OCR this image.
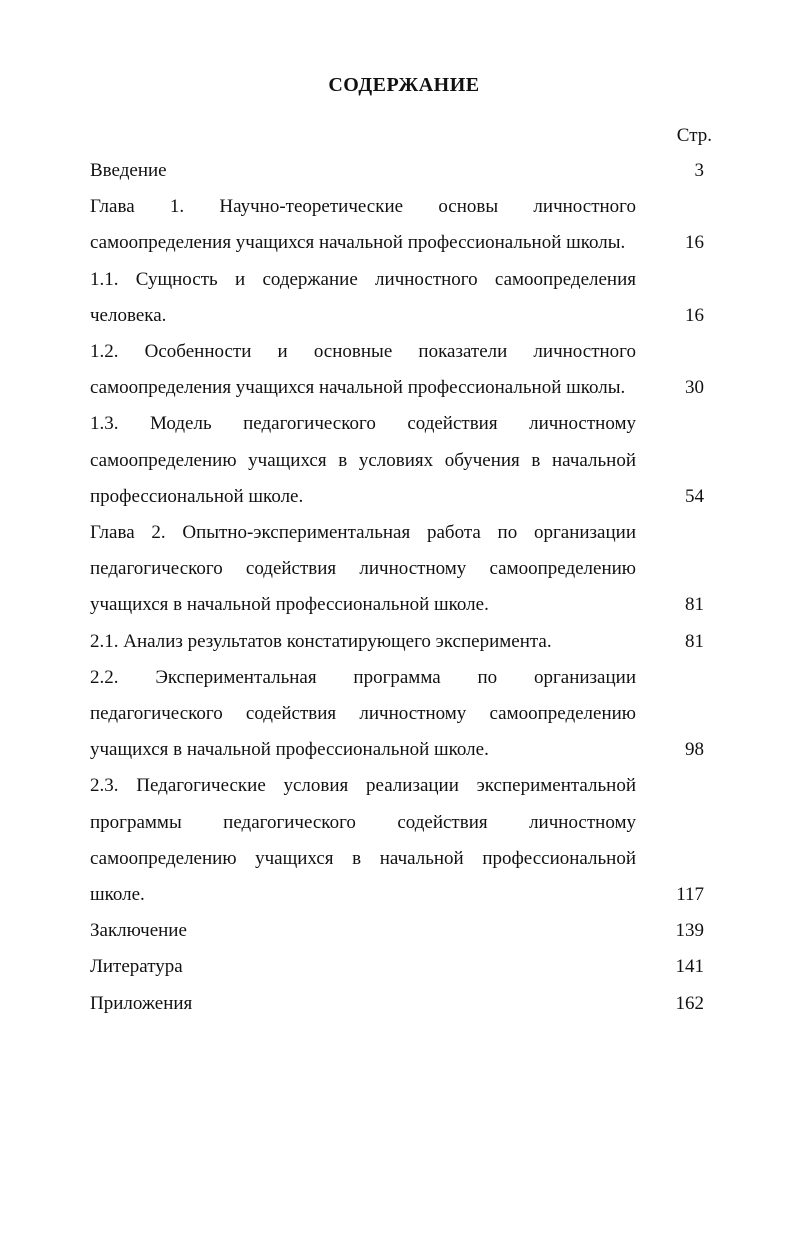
СОДЕРЖАНИЕ
Стр.
Введение	3
Глава 1. Научно-теоретические основы личностного самоопределения учащихся начальной профессиональной школы.	16
1.1. Сущность и содержание личностного самоопределения человека.	16
1.2. Особенности и основные показатели личностного самоопределения учащихся начальной профессиональной школы.	30
1.3. Модель педагогического содействия личностному самоопределению учащихся в условиях обучения в начальной профессиональной школе.	54
Глава 2. Опытно-экспериментальная работа по организации педагогического содействия личностному самоопределению учащихся в начальной профессиональной школе.	81
2.1. Анализ результатов констатирующего эксперимента.	81
2.2. Экспериментальная программа по организации педагогического содействия личностному самоопределению учащихся в начальной профессиональной школе.	98
2.3. Педагогические условия реализации экспериментальной программы педагогического содействия личностному самоопределению учащихся в начальной профессиональной школе.	117
Заключение	139
Литература	141
Приложения	162
